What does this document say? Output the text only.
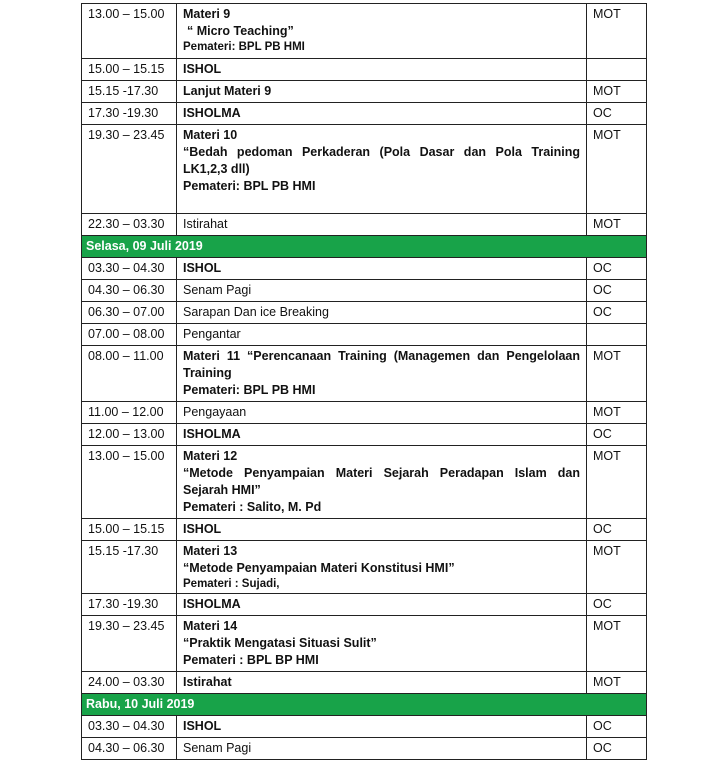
13.00 – 15.00	Materi 9
“ Micro Teaching”
Pemateri: BPL PB HMI	MOT
15.00 – 15.15	ISHOL	

15.15 -17.30	Lanjut Materi 9	MOT
17.30 -19.30	ISHOLMA	OC
19.30 – 23.45	Materi 10
“Bedah pedoman Perkaderan (Pola Dasar dan Pola Training LK1,2,3 dll)
Pemateri: BPL PB HMI	MOT
22.30 – 03.30	Istirahat	MOT
Selasa, 09 Juli 2019		
03.30 – 04.30	ISHOL	OC
04.30 – 06.30	Senam Pagi	OC
06.30 – 07.00	Sarapan Dan ice Breaking	OC
07.00 – 08.00	Pengantar	

08.00 – 11.00	Materi 11 “Perencanaan Training (Managemen dan Pengelolaan Training
Pemateri: BPL PB HMI	MOT
11.00 – 12.00	Pengayaan	MOT
12.00 – 13.00	ISHOLMA	OC
13.00 – 15.00	Materi 12
“Metode Penyampaian Materi Sejarah Peradapan Islam dan Sejarah HMI”
Pemateri : Salito, M. Pd	MOT
15.00 – 15.15	ISHOL	OC
15.15 -17.30	Materi 13
“Metode Penyampaian Materi Konstitusi HMI”
Pemateri : Sujadi,	MOT
17.30 -19.30	ISHOLMA	OC
19.30 – 23.45	Materi 14
“Praktik Mengatasi Situasi Sulit”
Pemateri : BPL BP HMI	MOT
24.00 – 03.30	Istirahat	MOT
Rabu, 10 Juli 2019		
03.30 – 04.30	ISHOL	OC
04.30 – 06.30	Senam Pagi	OC
